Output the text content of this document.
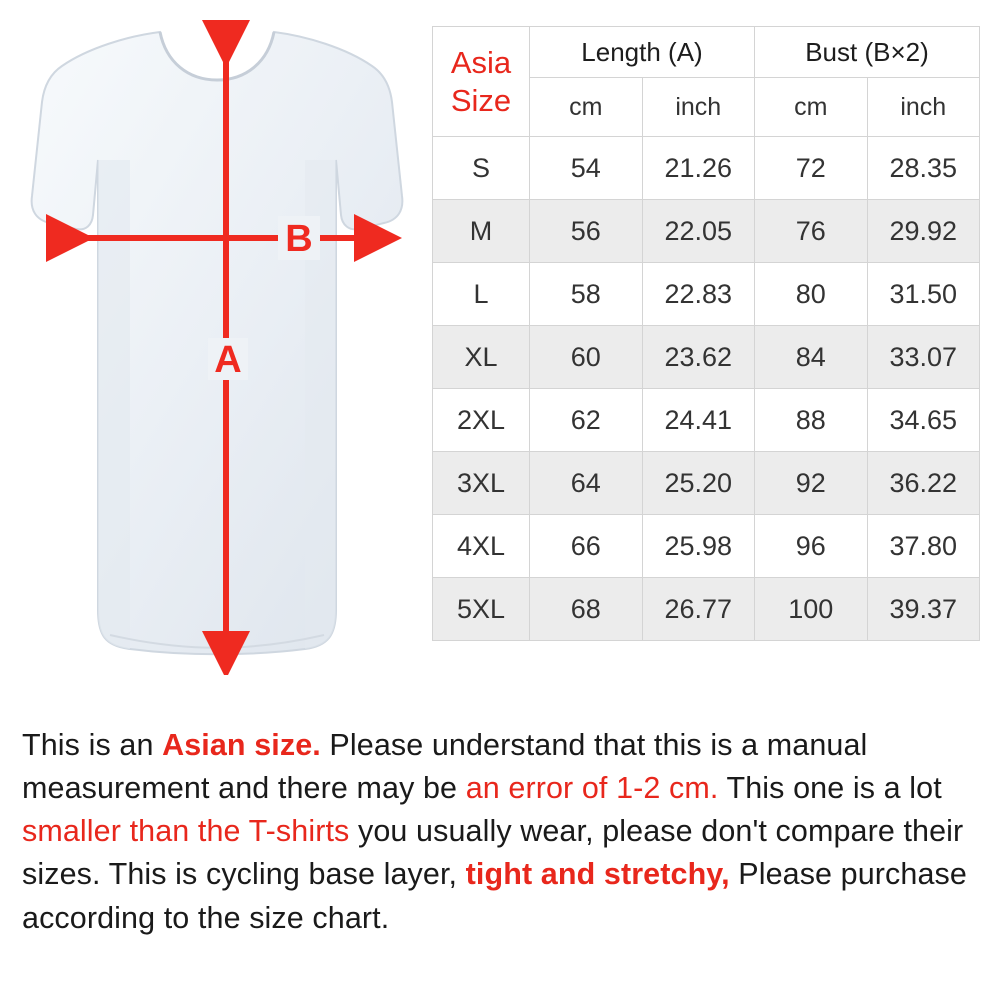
A
B
Asia Size	Length (A)		Bust (B×2)	
	cm	inch	cm	inch
S	54	21.26	72	28.35
M	56	22.05	76	29.92
L	58	22.83	80	31.50
XL	60	23.62	84	33.07
2XL	62	24.41	88	34.65
3XL	64	25.20	92	36.22
4XL	66	25.98	96	37.80
5XL	68	26.77	100	39.37

This is an Asian size. Please understand that this is a manual measurement and there may be an error of 1-2 cm. This one is a lot smaller than the T-shirts you usually wear, please don't compare their sizes. This is cycling base layer, tight and stretchy, Please purchase according to the size chart.
